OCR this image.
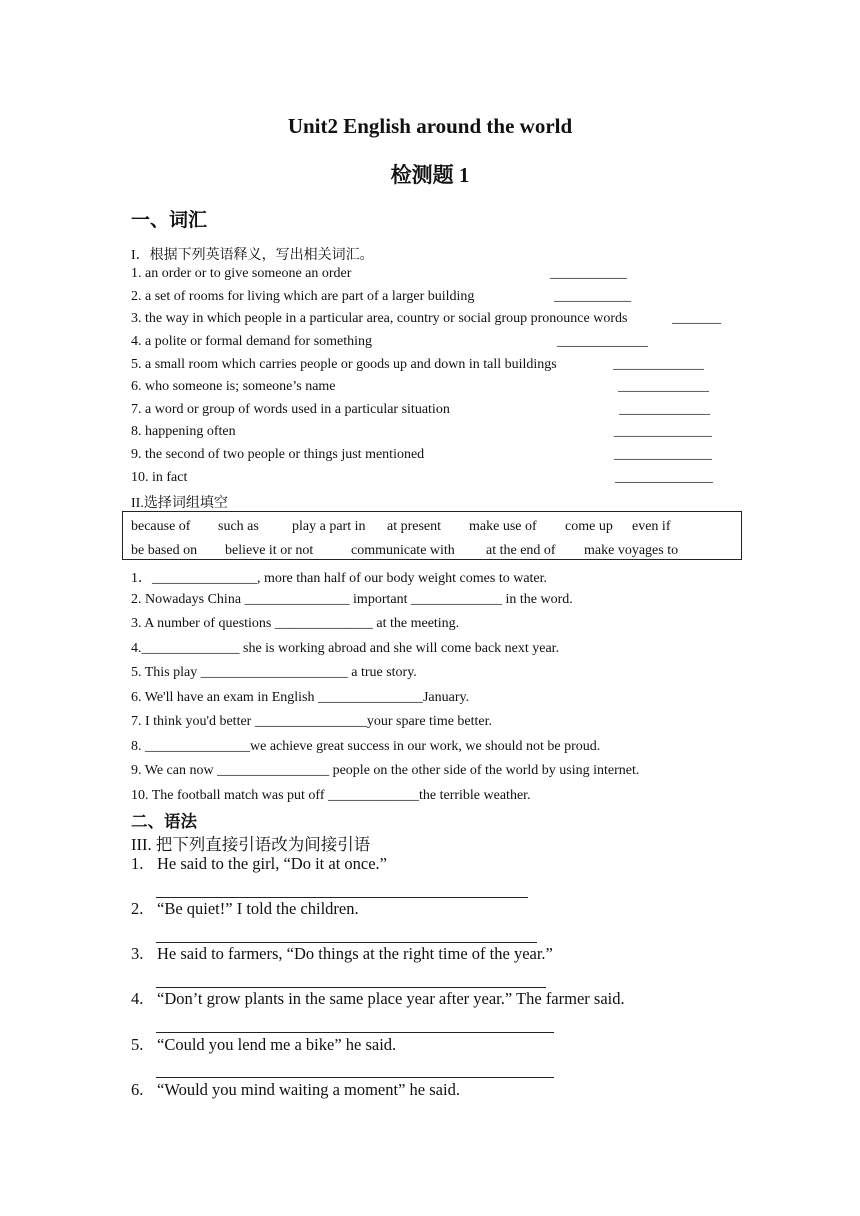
Unit2 English around the world
检测题 1
一、词汇
I．根据下列英语释义，写出相关词汇。
1. an order or to give someone an order	___________
2. a set of rooms for living which are part of a larger building	___________
3. the way in which people in a particular area, country or social group pronounce words	_______
4. a polite or formal demand for something	_____________
5. a small room which carries people or goods up and down in tall buildings	_____________
6. who someone is; someone’s name	_____________
7. a word or group of words used in a particular situation	_____________
8. happening often	______________
9. the second of two people or things just mentioned	______________
10. in fact	______________
II.选择词组填空
because of such as play a part in at present make use of come up even if
be based on believe it or not	communicate with at the end of make voyages to
1．_______________, more than half of our body weight comes to water.
2. Nowadays China _______________ important _____________ in the word.
3. A number of questions ______________ at the meeting.
4.______________ she is working abroad and she will come back next year.
5. This play _____________________ a true story.
6. We'll have an exam in English _______________January.
7. I think you'd better ________________your spare time better.
8. _______________we achieve great success in our work, we should not be proud.
9. We can now ________________ people on the other side of the world by using internet.
10. The football match was put off _____________the terrible weather.
二、语法
III. 把下列直接引语改为间接引语
1. He said to the girl, “Do it at once.”
2. “Be quiet!” I told the children.
3. He said to farmers, “Do things at the right time of the year.”
4. “Don’t grow plants in the same place year after year.” The farmer said.
5. “Could you lend me a bike” he said.
6. “Would you mind waiting a moment” he said.
